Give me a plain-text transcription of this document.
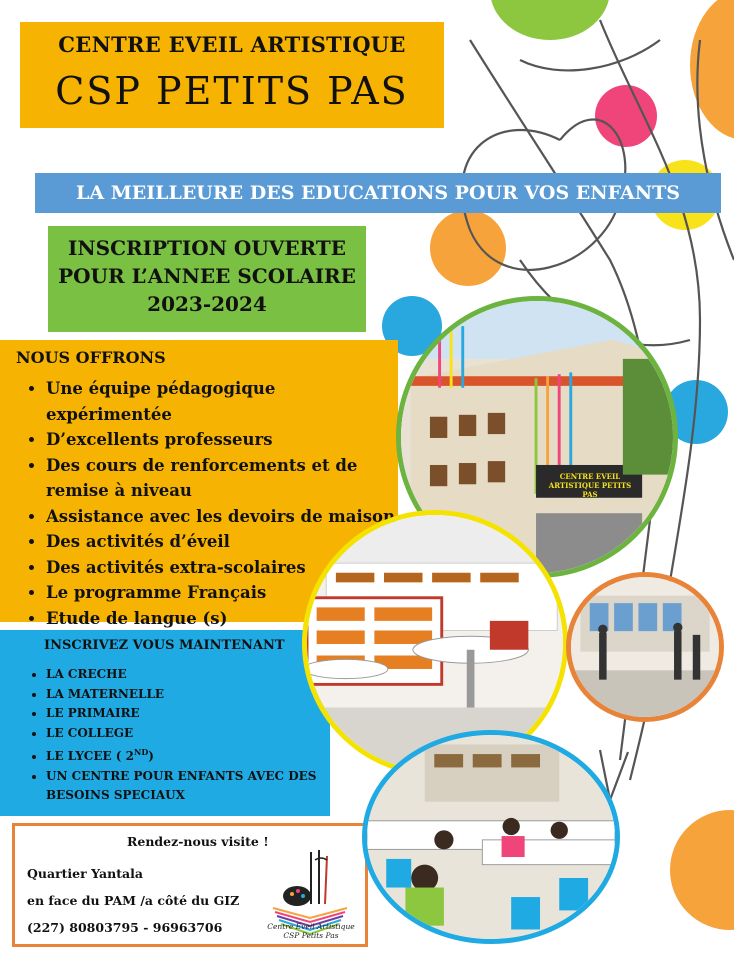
CENTRE EVEIL ARTISTIQUE
CSP PETITS PAS
LA MEILLEURE DES EDUCATIONS POUR VOS ENFANTS
INSCRIPTION OUVERTE
POUR L’ANNEE SCOLAIRE
2023-2024
NOUS OFFRONS
• Une équipe pédagogique expérimentée
• D’excellents professeurs
• Des cours de renforcements et de remise à niveau
• Assistance avec les devoirs de maison
• Des activités d’éveil
• Des activités extra-scolaires
• Le programme Français
• Etude de langue (s)
INSCRIVEZ VOUS MAINTENANT
• LA CRECHE
• LA MATERNELLE
• LE PRIMAIRE
• LE COLLEGE
• LE LYCEE ( 2ND)
• UN CENTRE POUR ENFANTS AVEC DES BESOINS SPECIAUX
Rendez-nous visite !
Quartier Yantala
en face du PAM /a côté du GIZ
(227) 80803795 - 96963706	Centre Eveil Artistique
CSP Petits Pas
CENTRE EVEIL ARTISTIQUE PETITS PAS
